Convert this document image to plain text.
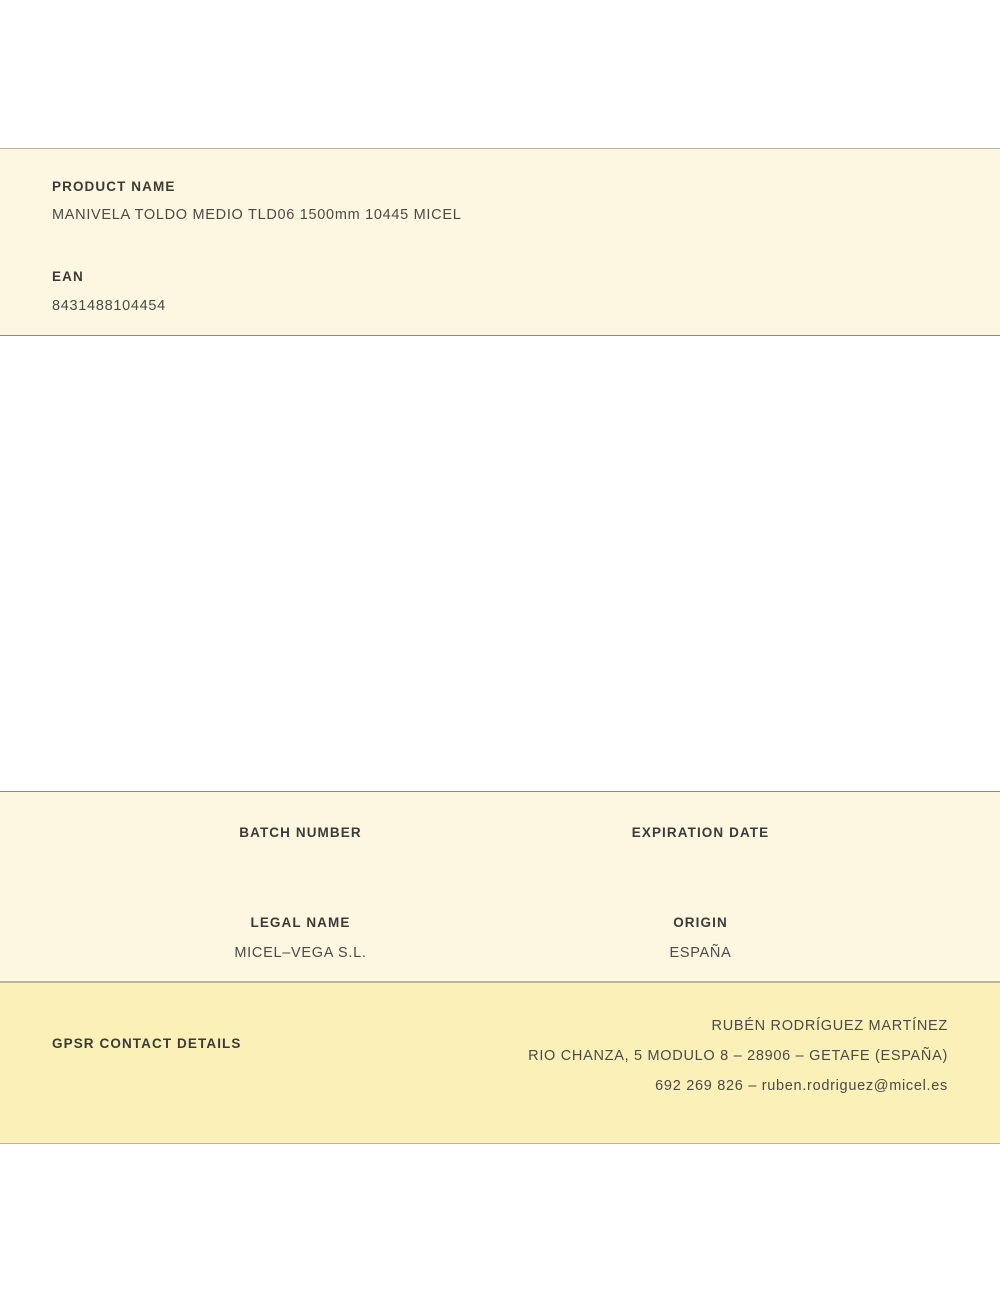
PRODUCT NAME
MANIVELA TOLDO MEDIO TLD06 1500mm 10445 MICEL
EAN
8431488104454
BATCH NUMBER	EXPIRATION DATE
LEGAL NAME
MICEL–VEGA S.L.
ORIGIN
ESPAÑA
GPSR CONTACT DETAILS
RUBÉN RODRÍGUEZ MARTÍNEZ
RIO CHANZA, 5 MODULO 8 – 28906 – GETAFE (ESPAÑA)
692 269 826 – ruben.rodriguez@micel.es
